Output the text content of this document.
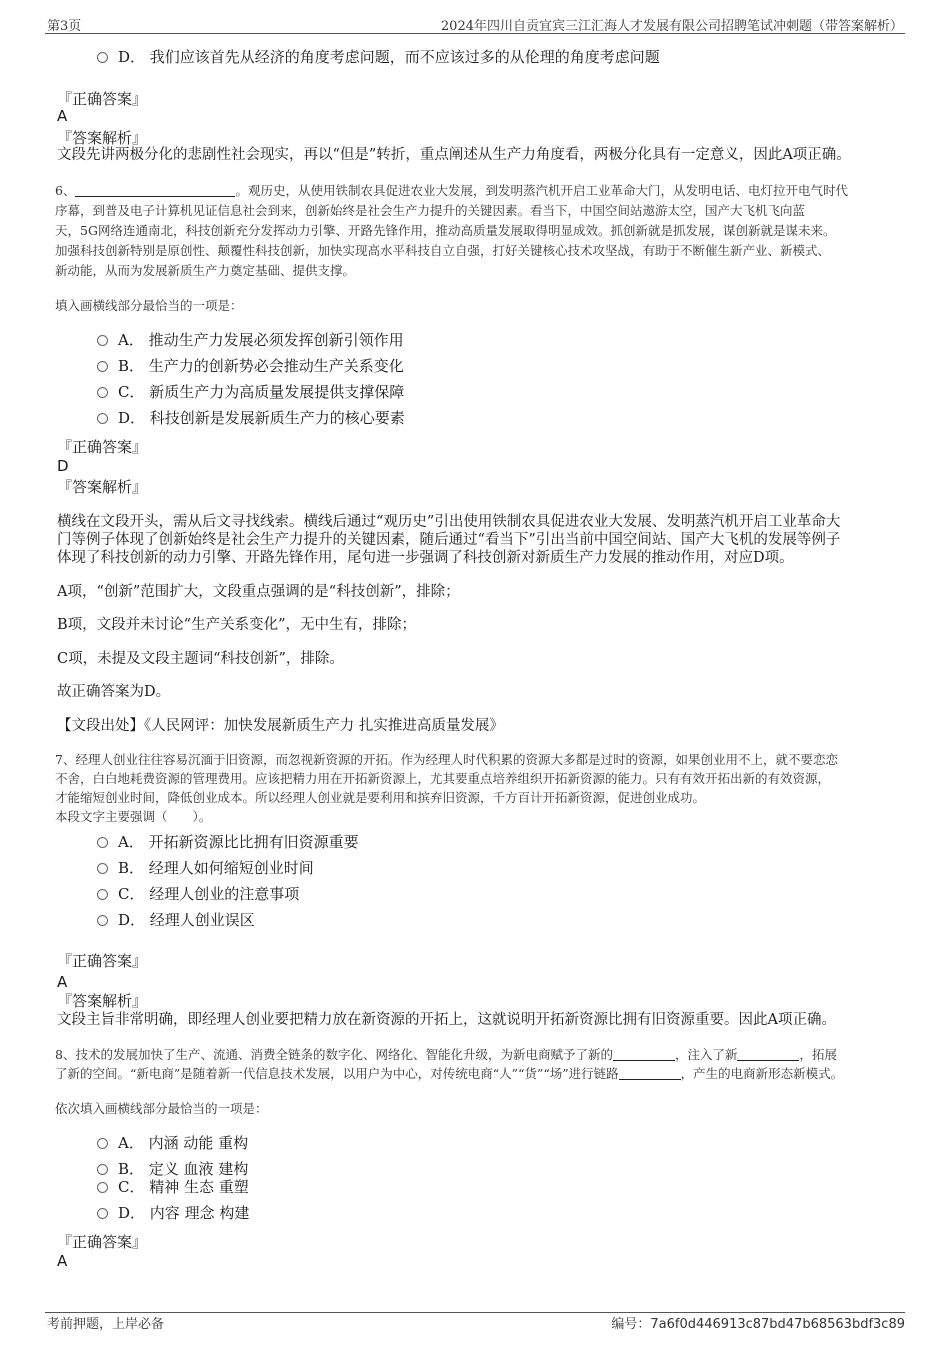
第3页	2024年四川自贡宜宾三江汇海人才发展有限公司招聘笔试冲刺题（带答案解析）
D． 我们应该首先从经济的角度考虑问题，而不应该过多的从伦理的角度考虑问题
『正确答案』
A
『答案解析』
文段先讲两极分化的悲剧性社会现实，再以“但是”转折，重点阐述从生产力角度看，两极分化具有一定意义，因此A项正确。
6、	。观历史，从使用铁制农具促进农业大发展，到发明蒸汽机开启工业革命大门，从发明电话、电灯拉开电气时代
序幕，到普及电子计算机见证信息社会到来，创新始终是社会生产力提升的关键因素。看当下，中国空间站遨游太空，国产大飞机飞向蓝
天，5G网络连通南北，科技创新充分发挥动力引擎、开路先锋作用，推动高质量发展取得明显成效。抓创新就是抓发展，谋创新就是谋未来。
加强科技创新特别是原创性、颠覆性科技创新，加快实现高水平科技自立自强，打好关键核心技术攻坚战，有助于不断催生新产业、新模式、
新动能，从而为发展新质生产力奠定基础、提供支撑。
填入画横线部分最恰当的一项是：
A． 推动生产力发展必须发挥创新引领作用
B． 生产力的创新势必会推动生产关系变化
C． 新质生产力为高质量发展提供支撑保障
D． 科技创新是发展新质生产力的核心要素
『正确答案』
D
『答案解析』
横线在文段开头，需从后文寻找线索。横线后通过“观历史”引出使用铁制农具促进农业大发展、发明蒸汽机开启工业革命大
门等例子体现了创新始终是社会生产力提升的关键因素，随后通过“看当下”引出当前中国空间站、国产大飞机的发展等例子
体现了科技创新的动力引擎、开路先锋作用，尾句进一步强调了科技创新对新质生产力发展的推动作用，对应D项。
A项，“创新”范围扩大，文段重点强调的是“科技创新”，排除；
B项，文段并未讨论“生产关系变化”，无中生有，排除；
C项，未提及文段主题词“科技创新”，排除。
故正确答案为D。
【文段出处】《人民网评：加快发展新质生产力 扎实推进高质量发展》
7、经理人创业往往容易沉湎于旧资源，而忽视新资源的开拓。作为经理人时代积累的资源大多都是过时的资源，如果创业用不上，就不要恋恋
不舍，白白地耗费资源的管理费用。应该把精力用在开拓新资源上，尤其要重点培养组织开拓新资源的能力。只有有效开拓出新的有效资源，
才能缩短创业时间，降低创业成本。所以经理人创业就是要利用和摈弃旧资源，千方百计开拓新资源，促进创业成功。
本段文字主要强调（　　）。
A． 开拓新资源比比拥有旧资源重要
B． 经理人如何缩短创业时间
C． 经理人创业的注意事项
D． 经理人创业误区
『正确答案』
A
『答案解析』
文段主旨非常明确，即经理人创业要把精力放在新资源的开拓上，这就说明开拓新资源比拥有旧资源重要。因此A项正确。
8、技术的发展加快了生产、流通、消费全链条的数字化、网络化、智能化升级，为新电商赋予了新的	，注入了新	，拓展
了新的空间。“新电商”是随着新一代信息技术发展，以用户为中心，对传统电商“人”“货”“场”进行链路	，产生的电商新形态新模式。
依次填入画横线部分最恰当的一项是：
A． 内涵 动能 重构
B． 定义 血液 建构
C． 精神 生态 重塑
D． 内容 理念 构建
『正确答案』
A
考前押题，上岸必备	编号：7a6f0d446913c87bd47b68563bdf3c89
